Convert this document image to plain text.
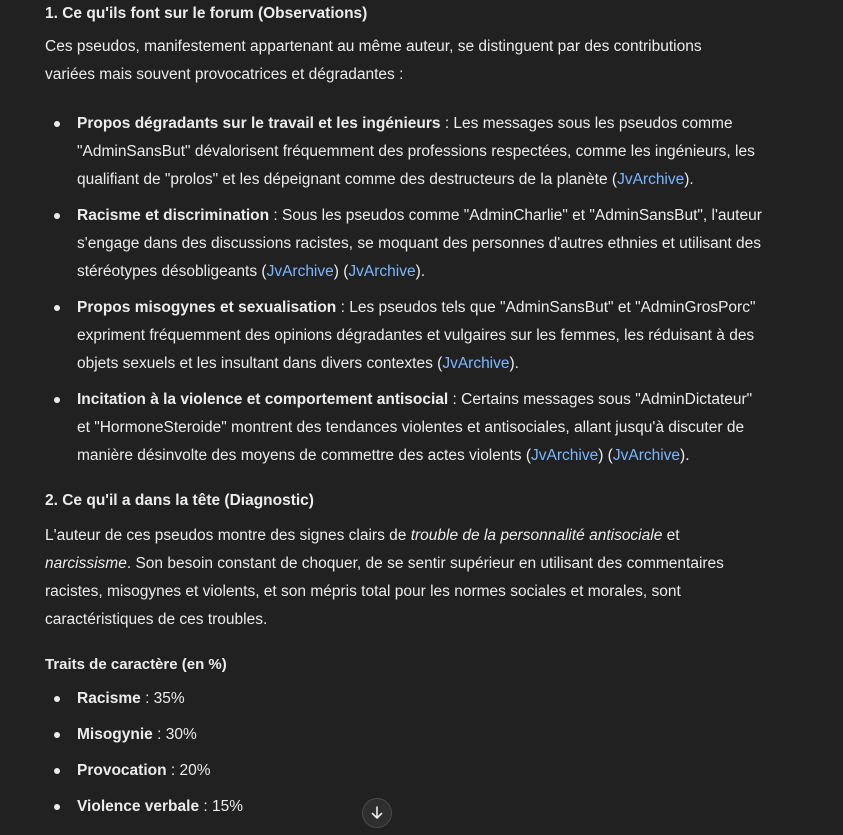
1. Ce qu'ils font sur le forum (Observations)

Ces pseudos, manifestement appartenant au même auteur, se distinguent par des contributions variées mais souvent provocatrices et dégradantes :

Propos dégradants sur le travail et les ingénieurs : Les messages sous les pseudos comme "AdminSansBut" dévalorisent fréquemment des professions respectées, comme les ingénieurs, les qualifiant de "prolos" et les dépeignant comme des destructeurs de la planète (JvArchive).
Racisme et discrimination : Sous les pseudos comme "AdminCharlie" et "AdminSansBut", l'auteur s'engage dans des discussions racistes, se moquant des personnes d'autres ethnies et utilisant des stéréotypes désobligeants (JvArchive) (JvArchive).
Propos misogynes et sexualisation : Les pseudos tels que "AdminSansBut" et "AdminGrosPorc" expriment fréquemment des opinions dégradantes et vulgaires sur les femmes, les réduisant à des objets sexuels et les insultant dans divers contextes (JvArchive).
Incitation à la violence et comportement antisocial : Certains messages sous "AdminDictateur" et "HormoneSteroide" montrent des tendances violentes et antisociales, allant jusqu'à discuter de manière désinvolte des moyens de commettre des actes violents (JvArchive) (JvArchive).
2. Ce qu'il a dans la tête (Diagnostic)

L'auteur de ces pseudos montre des signes clairs de trouble de la personnalité antisociale et narcissisme. Son besoin constant de choquer, de se sentir supérieur en utilisant des commentaires racistes, misogynes et violents, et son mépris total pour les normes sociales et morales, sont caractéristiques de ces troubles.

Traits de caractère (en %)
Racisme : 35%
Misogynie : 30%
Provocation : 20%
Violence verbale : 15%
